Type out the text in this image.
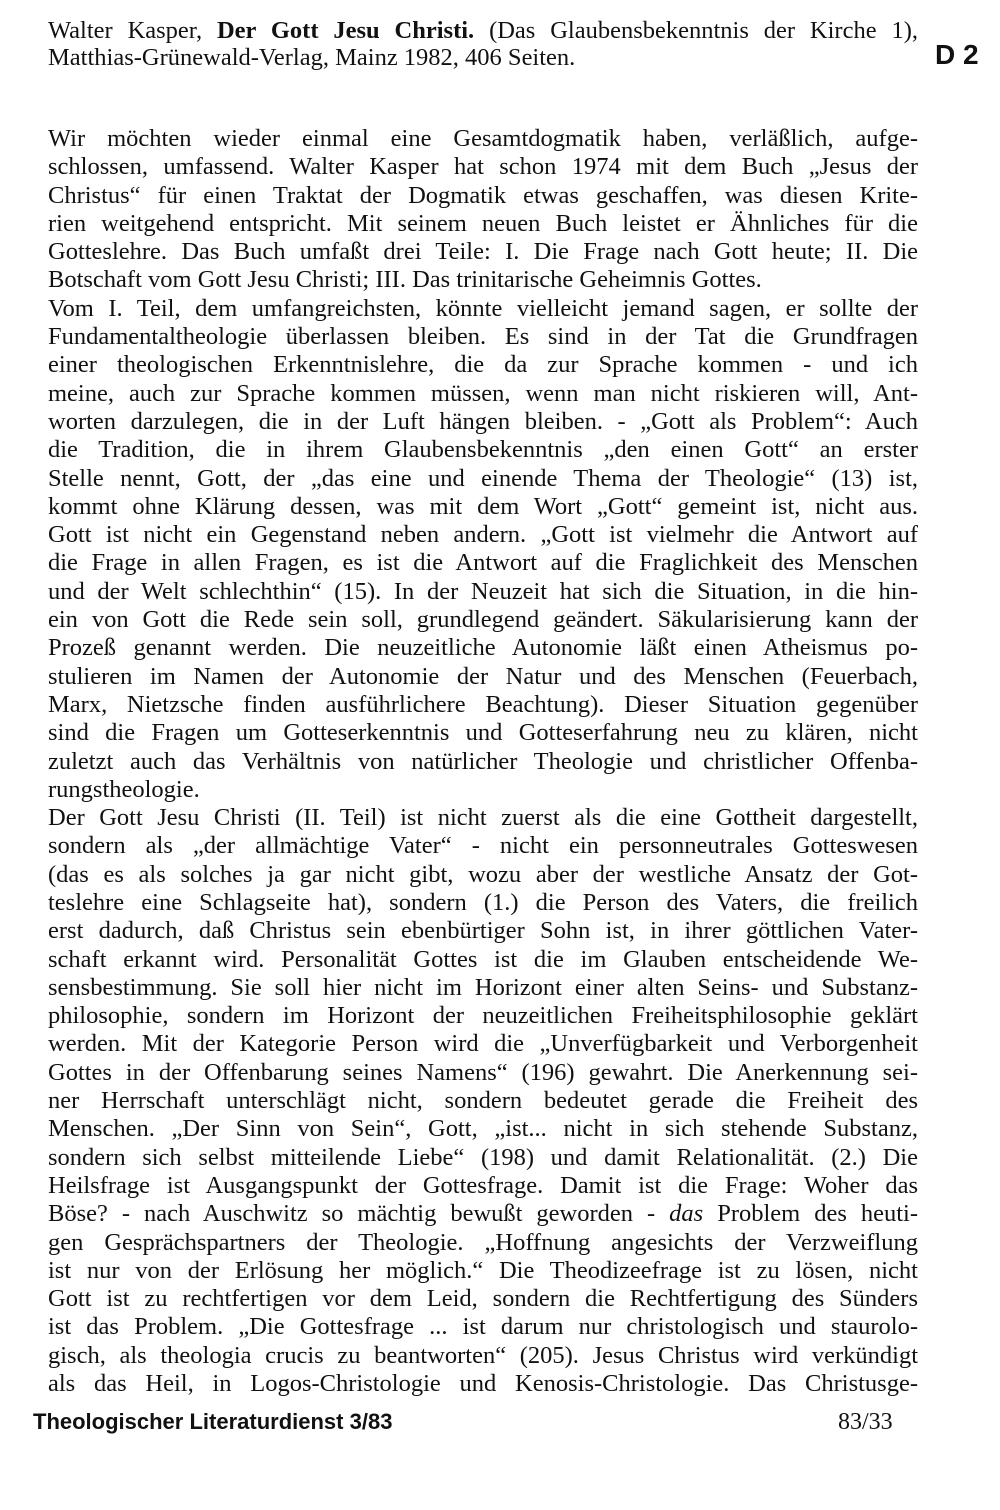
Walter Kasper, Der Gott Jesu Christi. (Das Glaubensbekenntnis der Kirche 1),
Matthias-Grünewald-Verlag, Mainz 1982, 406 Seiten.	D 2
Wir möchten wieder einmal eine Gesamtdogmatik haben, verläßlich, aufge-
schlossen, umfassend. Walter Kasper hat schon 1974 mit dem Buch „Jesus der
Christus“ für einen Traktat der Dogmatik etwas geschaffen, was diesen Krite-
rien weitgehend entspricht. Mit seinem neuen Buch leistet er Ähnliches für die
Gotteslehre. Das Buch umfaßt drei Teile: I. Die Frage nach Gott heute; II. Die
Botschaft vom Gott Jesu Christi; III. Das trinitarische Geheimnis Gottes.
Vom I. Teil, dem umfangreichsten, könnte vielleicht jemand sagen, er sollte der
Fundamentaltheologie überlassen bleiben. Es sind in der Tat die Grundfragen
einer theologischen Erkenntnislehre, die da zur Sprache kommen - und ich
meine, auch zur Sprache kommen müssen, wenn man nicht riskieren will, Ant-
worten darzulegen, die in der Luft hängen bleiben. - „Gott als Problem“: Auch
die Tradition, die in ihrem Glaubensbekenntnis „den einen Gott“ an erster
Stelle nennt, Gott, der „das eine und einende Thema der Theologie“ (13) ist,
kommt ohne Klärung dessen, was mit dem Wort „Gott“ gemeint ist, nicht aus.
Gott ist nicht ein Gegenstand neben andern. „Gott ist vielmehr die Antwort auf
die Frage in allen Fragen, es ist die Antwort auf die Fraglichkeit des Menschen
und der Welt schlechthin“ (15). In der Neuzeit hat sich die Situation, in die hin-
ein von Gott die Rede sein soll, grundlegend geändert. Säkularisierung kann der
Prozeß genannt werden. Die neuzeitliche Autonomie läßt einen Atheismus po-
stulieren im Namen der Autonomie der Natur und des Menschen (Feuerbach,
Marx, Nietzsche finden ausführlichere Beachtung). Dieser Situation gegenüber
sind die Fragen um Gotteserkenntnis und Gotteserfahrung neu zu klären, nicht
zuletzt auch das Verhältnis von natürlicher Theologie und christlicher Offenba-
rungstheologie.
Der Gott Jesu Christi (II. Teil) ist nicht zuerst als die eine Gottheit dargestellt,
sondern als „der allmächtige Vater“ - nicht ein personneutrales Gotteswesen
(das es als solches ja gar nicht gibt, wozu aber der westliche Ansatz der Got-
teslehre eine Schlagseite hat), sondern (1.) die Person des Vaters, die freilich
erst dadurch, daß Christus sein ebenbürtiger Sohn ist, in ihrer göttlichen Vater-
schaft erkannt wird. Personalität Gottes ist die im Glauben entscheidende We-
sensbestimmung. Sie soll hier nicht im Horizont einer alten Seins- und Substanz-
philosophie, sondern im Horizont der neuzeitlichen Freiheitsphilosophie geklärt
werden. Mit der Kategorie Person wird die „Unverfügbarkeit und Verborgenheit
Gottes in der Offenbarung seines Namens“ (196) gewahrt. Die Anerkennung sei-
ner Herrschaft unterschlägt nicht, sondern bedeutet gerade die Freiheit des
Menschen. „Der Sinn von Sein“, Gott, „ist... nicht in sich stehende Substanz,
sondern sich selbst mitteilende Liebe“ (198) und damit Relationalität. (2.) Die
Heilsfrage ist Ausgangspunkt der Gottesfrage. Damit ist die Frage: Woher das
Böse? - nach Auschwitz so mächtig bewußt geworden - das Problem des heuti-
gen Gesprächspartners der Theologie. „Hoffnung angesichts der Verzweiflung
ist nur von der Erlösung her möglich.“ Die Theodizeefrage ist zu lösen, nicht
Gott ist zu rechtfertigen vor dem Leid, sondern die Rechtfertigung des Sünders
ist das Problem. „Die Gottesfrage ... ist darum nur christologisch und staurolo-
gisch, als theologia crucis zu beantworten“ (205). Jesus Christus wird verkündigt
als das Heil, in Logos-Christologie und Kenosis-Christologie. Das Christusge-
Theologischer Literaturdienst 3/83	83/33
